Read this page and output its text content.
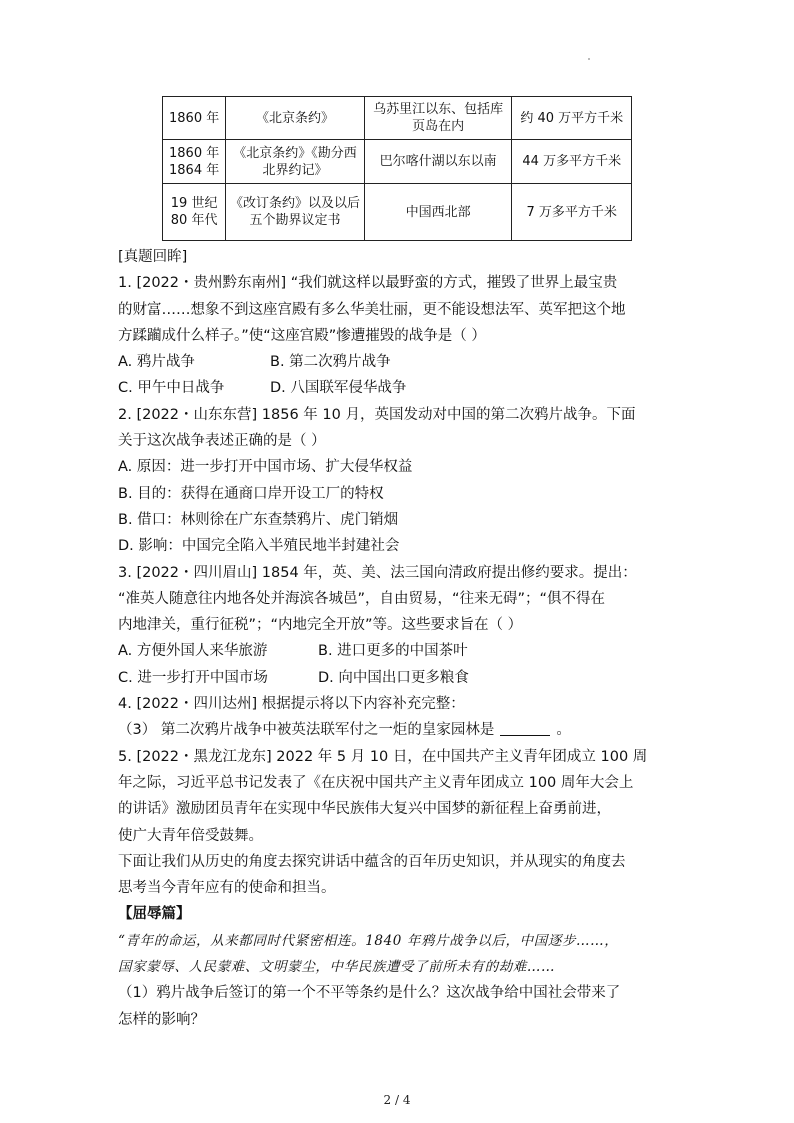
1860 年	《北京条约》	乌苏里江以东、包括库页岛在内	约 40 万平方千米
1860 年 1864 年	《北京条约》《勘分西北界约记》	巴尔喀什湖以东以南	44 万多平方千米
19 世纪 80 年代	《改订条约》以及以后五个勘界议定书	中国西北部	7 万多平方千米

[真题回眸]

1. [2022・贵州黔东南州] “我们就这样以最野蛮的方式，摧毁了世界上最宝贵

的财富……想象不到这座宫殿有多么华美壮丽，更不能设想法军、英军把这个地

方蹂躏成什么样子。”使“这座宫殿”惨遭摧毁的战争是（ ）

A. 鸦片战争	B. 第二次鸦片战争

C. 甲午中日战争	D. 八国联军侵华战争

2. [2022・山东东营] 1856 年 10 月，英国发动对中国的第二次鸦片战争。下面

关于这次战争表述正确的是（ ）

A. 原因：进一步打开中国市场、扩大侵华权益

B. 目的：获得在通商口岸开设工厂的特权

B. 借口：林则徐在广东查禁鸦片、虎门销烟

D. 影响：中国完全陷入半殖民地半封建社会

3. [2022・四川眉山] 1854 年，英、美、法三国向清政府提出修约要求。提出：

“准英人随意往内地各处并海滨各城邑”，自由贸易，“往来无碍”；“俱不得在

内地津关，重行征税”；“内地完全开放”等。这些要求旨在（ ）

A. 方便外国人来华旅游	B. 进口更多的中国茶叶

C. 进一步打开中国市场	D. 向中国出口更多粮食

4. [2022・四川达州] 根据提示将以下内容补充完整：

（3） 第二次鸦片战争中被英法联军付之一炬的皇家园林是	。

5. [2022・黑龙江龙东] 2022 年 5 月 10 日，在中国共产主义青年团成立 100 周

年之际，习近平总书记发表了《在庆祝中国共产主义青年团成立 100 周年大会上

的讲话》激励团员青年在实现中华民族伟大复兴中国梦的新征程上奋勇前进，

使广大青年倍受鼓舞。

下面让我们从历史的角度去探究讲话中蕴含的百年历史知识，并从现实的角度去

思考当今青年应有的使命和担当。

【屈辱篇】

“青年的命运，从来都同时代紧密相连。1840 年鸦片战争以后，中国逐步……，

国家蒙辱、人民蒙难、文明蒙尘，中华民族遭受了前所未有的劫难……

（1）鸦片战争后签订的第一个不平等条约是什么？这次战争给中国社会带来了

怎样的影响？

2 / 4
